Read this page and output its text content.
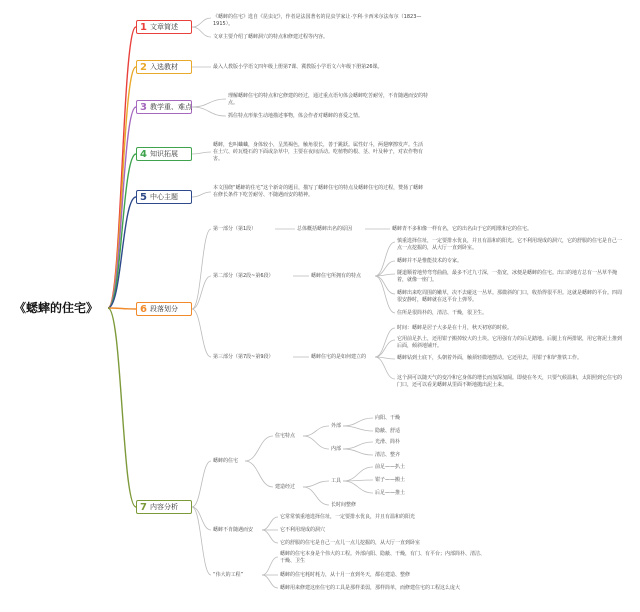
《蟋蟀的住宅》
1 文章简述
2 入选教材
3 教学重、难点
4 知识拓展
5 中心主题
6 段落划分
7 内容分析
《蟋蟀的住宅》选自《昆虫记》，作者是法国著名的昆虫学家让·亨利·卡西米尔法布尔（1823—1915）。
文章主要介绍了蟋蟀洞穴的特点和修建过程等内容。
最入人教版小学语文四年级上册第7课、冀教版小学语文六年级下册第26课。
理解蟋蟀住宅的特点和它修建的经过，通过重点语句体会蟋蟀吃苦耐劳，不肯随遇而安的特点。
抓住特点形象生动地描述事物，体会作者对蟋蟀的喜爱之情。
蟋蟀，也叫蛐蛐，身体较小，呈黑褐色，触角很长，善于跳跃。属性好斗，两翅摩擦发声。生活在土穴、砖瓦缝石的下面或杂草中，主要在夜间活动。吃植物的根、茎、叶及种子，对农作物有害。
本文围绕“蟋蟀的住宅”这个新奇的题目，描写了蟋蟀住宅的特点及蟋蟀住宅的过程，赞扬了蟋蟀在修长条件下吃苦耐劳、不随遇而安的精神。
第一部分（第1段）	总体概括蟋蟀出名的原因	蟋蟀青不多和像一样有名，它的出名由于它的唱歌和它的住宅。
第二部分（第2段~第6段）	蟋蟀住宅所拥有的特点
慎重选择住址，一定要排水优良，并且有温和的阳光。它不利用现成的洞穴，它的舒服的住宅是自己一点一点挖掘的，从大厅一直到卧室。
蟋蟀并不是惟能技术的专家。
隧道顺着地势弯弯曲曲，最多不过九寸深，一指宽，冰便是蟋蟀的住宅。出口的地方总有一丛草半掩着，就像一座门。
蟋蟀出来吃周围的嫩草，决不去碰这一丛草。那微斜的门口，收拾得很平坦。这就是蟋蟀的平台。四周很安静时，蟋蟀就在这平台上弹琴。
住所是很简朴的，清洁、干燥，很卫生。
第三部分（第7段~第9段）	蟋蟀住宅的是如何建立的
时间：蟋蟀是居子大多是在十月，秋天初寒的时候。
它用前足扒土，还用钳子搬掉较大的土块。它用强有力的后足踏地。后腿上有两排锯，用它将泥土推到后面，倾斜地铺开。
蟋蟀钻到土底下，头朝着外面，触须轻微地摆动。它还用去，用钳子和铲推铁工作。
这个洞可以随天气的变冷和它身体的增长而加深加阔。即使在冬天，只要气候温和，太阳照到它住宅的门口，还可以看见蟋蟀从里面不断地抛出泥土来。
蟋蟀的住宅
住宅特点
外部
向阳、干燥
隐蔽、舒适
内部
光滑、简朴
清洁、整齐
建造经过
工具
前足——扒土
钳子——搬土
后足——推土
长时间整修
蟋蟀不肯随遇而安
它常常慎重地选择住址，一定要排水优良，并且有温和的阳光
它不利用现成的洞穴
它的舒服的住宅是自己一点儿一点儿挖掘的，从大厅一直到卧室
“伟大的工程”
蟋蟀的住宅本身是个伟大的工程。外部向阳、隐蔽、干燥，有门、有平台；内部简朴、清洁、干燥、卫生
蟋蟀的住宅耗时耗力，从十月一直到冬天，都在建造、整修
蟋蟀用来修建这座住宅的工具是那样柔弱，那样简单，而修建住宅的工程这么庞大
